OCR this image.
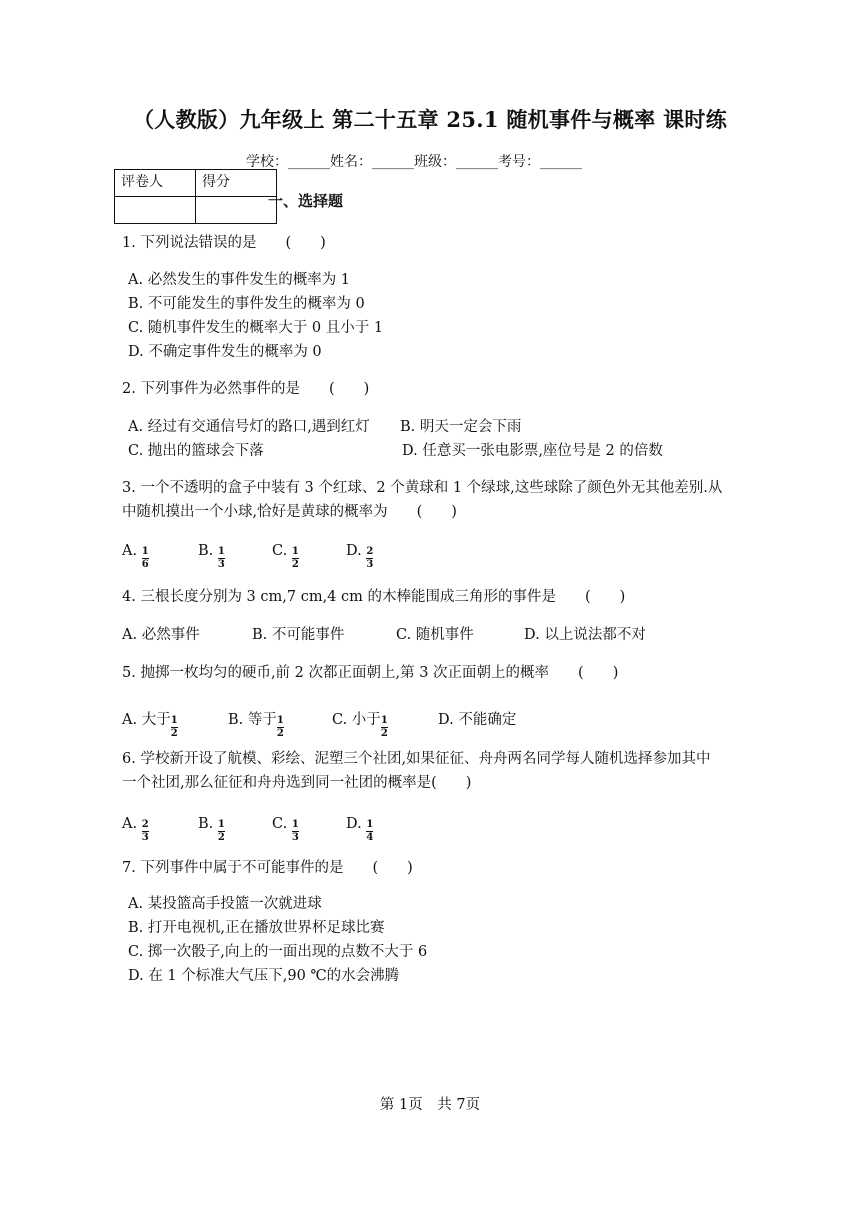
（人教版）九年级上 第二十五章 25.1 随机事件与概率 课时练
学校：______姓名：______班级：______考号：______
评卷人	得分

一、选择题
1. 下列说法错误的是　　(　　)
A. 必然发生的事件发生的概率为 1
B. 不可能发生的事件发生的概率为 0
C. 随机事件发生的概率大于 0 且小于 1
D. 不确定事件发生的概率为 0
2. 下列事件为必然事件的是　　(　　)
A. 经过有交通信号灯的路口,遇到红灯 B. 明天一定会下雨
C. 抛出的篮球会下落	D. 任意买一张电影票,座位号是 2 的倍数
3. 一个不透明的盒子中装有 3 个红球、2 个黄球和 1 个绿球,这些球除了颜色外无其他差别.从
中随机摸出一个小球,恰好是黄球的概率为　　(　　)
A. $\frac{1}{6}$	B. $\frac{1}{3}$	C. $\frac{1}{2}$	D. $\frac{2}{3}$
4. 三根长度分别为 3 cm,7 cm,4 cm 的木棒能围成三角形的事件是　　(　　)
A. 必然事件	B. 不可能事件	C. 随机事件	D. 以上说法都不对
5. 抛掷一枚均匀的硬币,前 2 次都正面朝上,第 3 次正面朝上的概率　　(　　)
A. 大于 $\frac{1}{2}$	B. 等于 $\frac{1}{2}$	C. 小于 $\frac{1}{2}$	D. 不能确定
6. 学校新开设了航模、彩绘、泥塑三个社团,如果征征、舟舟两名同学每人随机选择参加其中
一个社团,那么征征和舟舟选到同一社团的概率是(　　)
A. $\frac{2}{3}$	B. $\frac{1}{2}$	C. $\frac{1}{3}$	D. $\frac{1}{4}$
7. 下列事件中属于不可能事件的是　　(　　)
A. 某投篮高手投篮一次就进球
B. 打开电视机,正在播放世界杯足球比赛
C. 掷一次骰子,向上的一面出现的点数不大于 6
D. 在 1 个标准大气压下,90 ℃的水会沸腾
第 1页　共 7页
